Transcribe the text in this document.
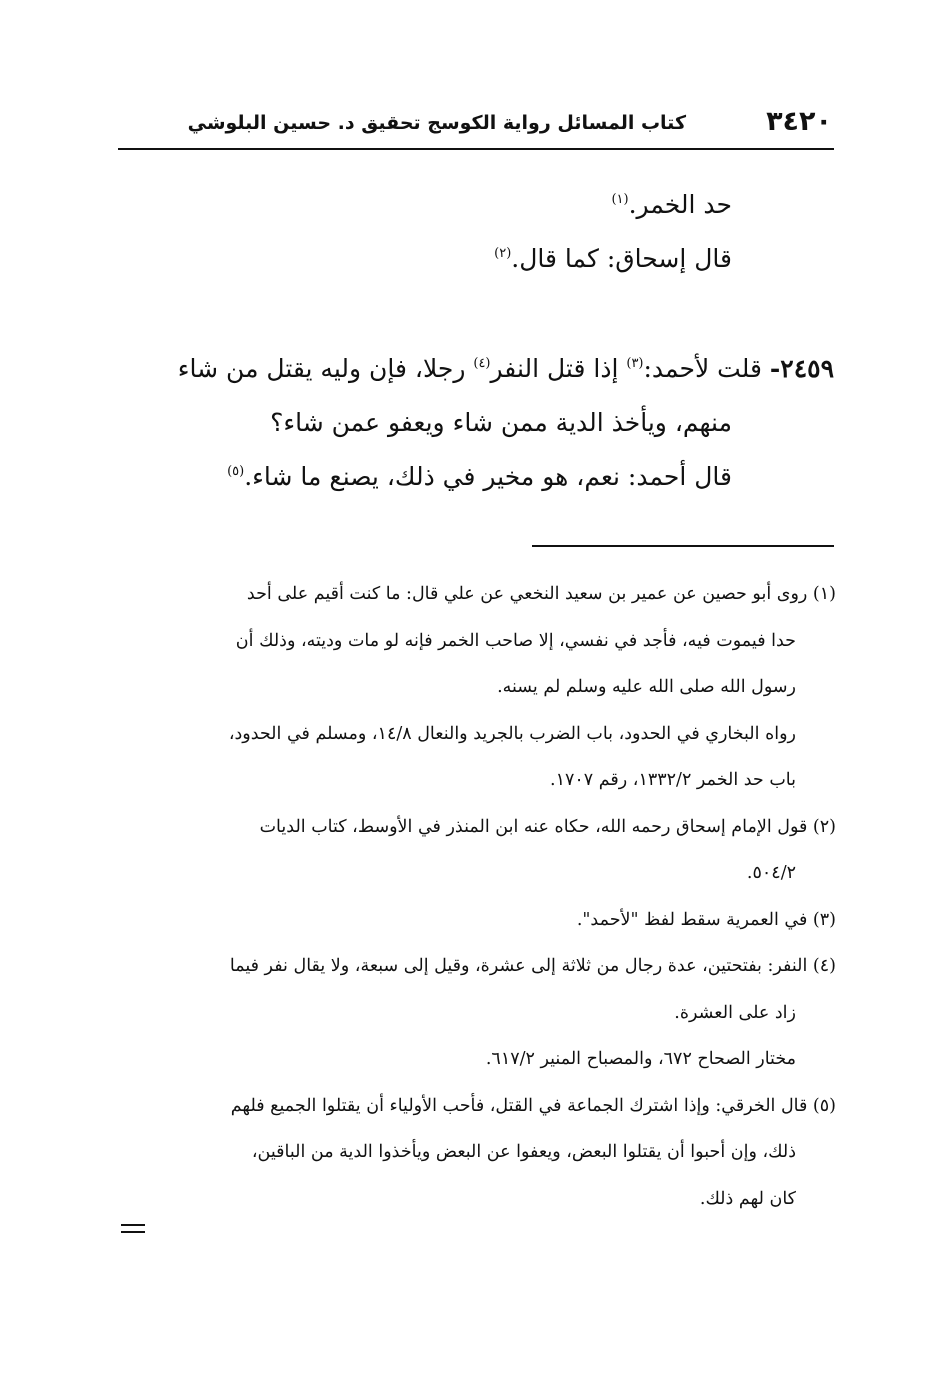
٣٤٢٠
كتاب المسائل رواية الكوسج تحقيق د. حسين البلوشي
حد الخمر.$^{(١)}$
قال إسحاق: كما قال.$^{(٢)}$
٢٤٥٩- قلت لأحمد:$^{(٣)}$ إذا قتل النفر$^{(٤)}$ رجلا، فإن وليه يقتل من شاء
منهم، ويأخذ الدية ممن شاء ويعفو عمن شاء؟
قال أحمد: نعم، هو مخير في ذلك، يصنع ما شاء.$^{(٥)}$
(١) روى أبو حصين عن عمير بن سعيد النخعي عن علي قال: ما كنت أقيم على أحد
حدا فيموت فيه، فأجد في نفسي، إلا صاحب الخمر فإنه لو مات وديته، وذلك أن
رسول الله صلى الله عليه وسلم لم يسنه.
رواه البخاري في الحدود، باب الضرب بالجريد والنعال ١٤/٨، ومسلم في الحدود،
باب حد الخمر ١٣٣٢/٢، رقم ١٧٠٧.
(٢) قول الإمام إسحاق رحمه الله، حكاه عنه ابن المنذر في الأوسط، كتاب الديات
٥٠٤/٢.
(٣) في العمرية سقط لفظ "لأحمد".
(٤) النفر: بفتحتين، عدة رجال من ثلاثة إلى عشرة، وقيل إلى سبعة، ولا يقال نفر فيما
زاد على العشرة.
مختار الصحاح ٦٧٢، والمصباح المنير ٦١٧/٢.
(٥) قال الخرقي: وإذا اشترك الجماعة في القتل، فأحب الأولياء أن يقتلوا الجميع فلهم
ذلك، وإن أحبوا أن يقتلوا البعض، ويعفوا عن البعض ويأخذوا الدية من الباقين،
كان لهم ذلك.
